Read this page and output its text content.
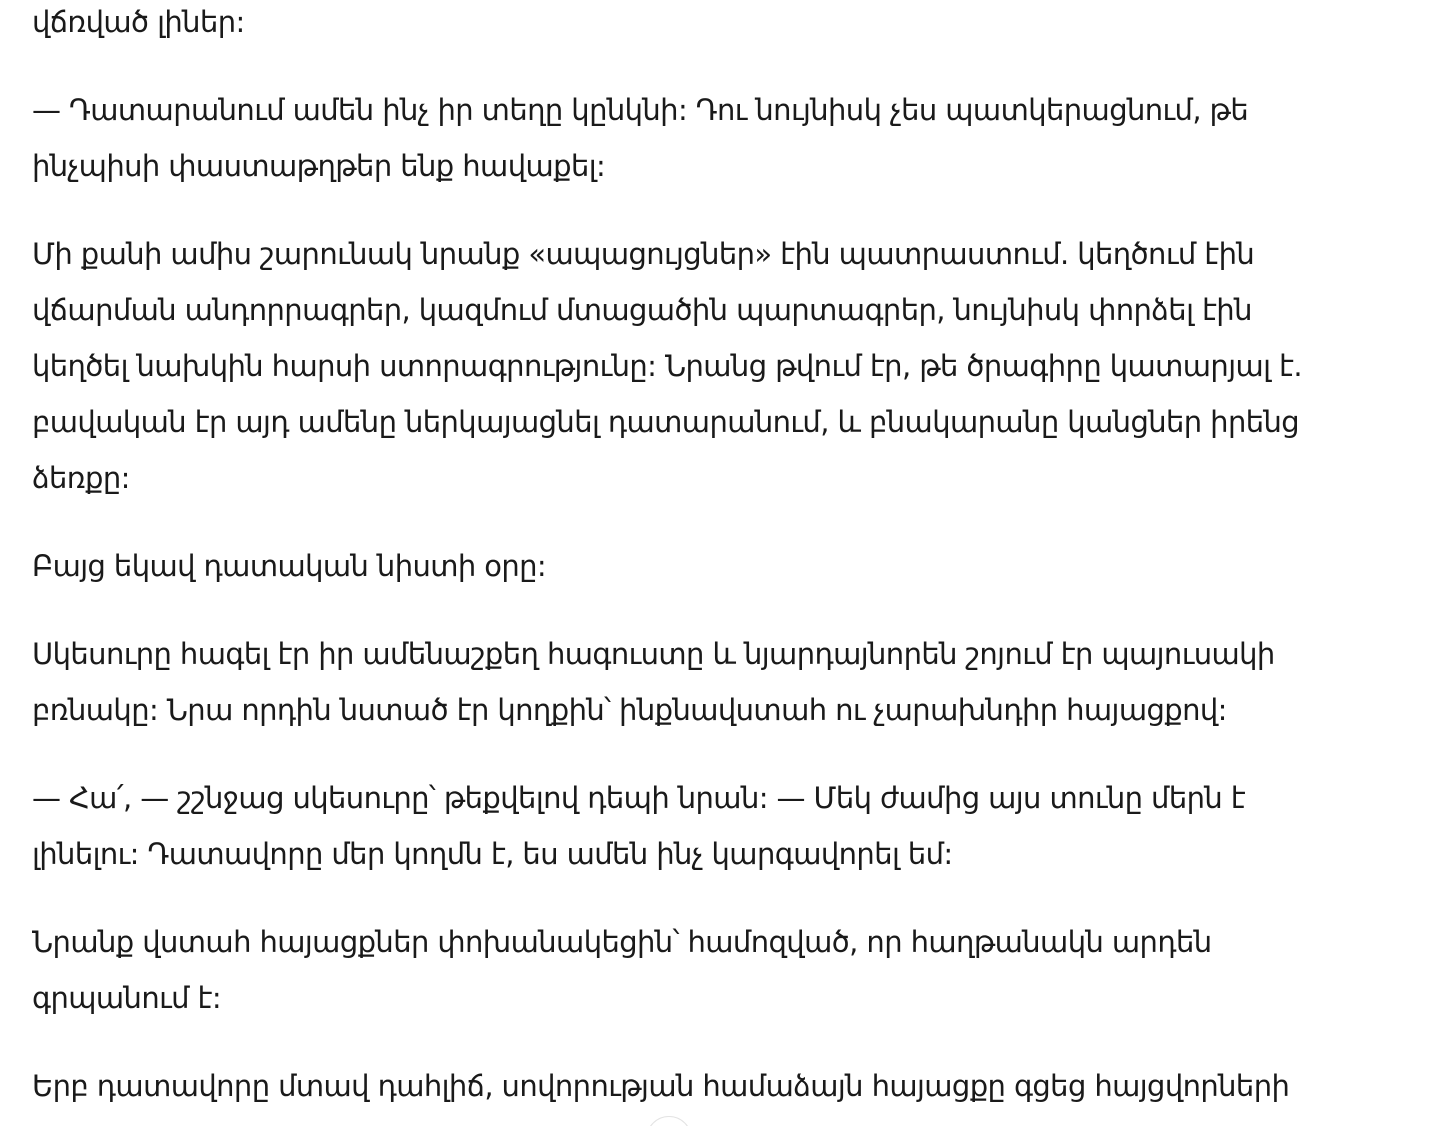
վճռված լիներ:

— Դատարանում ամեն ինչ իր տեղը կընկնի: Դու նույնիսկ չես պատկերացնում, թե ինչպիսի փաստաթղթեր ենք հավաքել:

Մի քանի ամիս շարունակ նրանք «ապացույցներ» էին պատրաստում. կեղծում էին վճարման անդորրագրեր, կազմում մտացածին պարտագրեր, նույնիսկ փորձել էին կեղծել նախկին հարսի ստորագրությունը: Նրանց թվում էր, թե ծրագիրը կատարյալ է. բավական էր այդ ամենը ներկայացնել դատարանում, և բնակարանը կանցներ իրենց ձեռքը:

Բայց եկավ դատական նիստի օրը:

Սկեսուրը հագել էր իր ամենաշքեղ հագուստը և նյարդայնորեն շոյում էր պայուսակի բռնակը: Նրա որդին նստած էր կողքին՝ ինքնավստահ ու չարախնդիր հայացքով:

— Հա՛, — շշնջաց սկեսուրը՝ թեքվելով դեպի նրան: — Մեկ ժամից այս տունը մերն է լինելու: Դատավորը մեր կողմն է, ես ամեն ինչ կարգավորել եմ:

Նրանք վստահ հայացքներ փոխանակեցին՝ համոզված, որ հաղթանակն արդեն գրպանում է:

Երբ դատավորը մտավ դահլիճ, սովորության համաձայն հայացքը գցեց հայցվորների
